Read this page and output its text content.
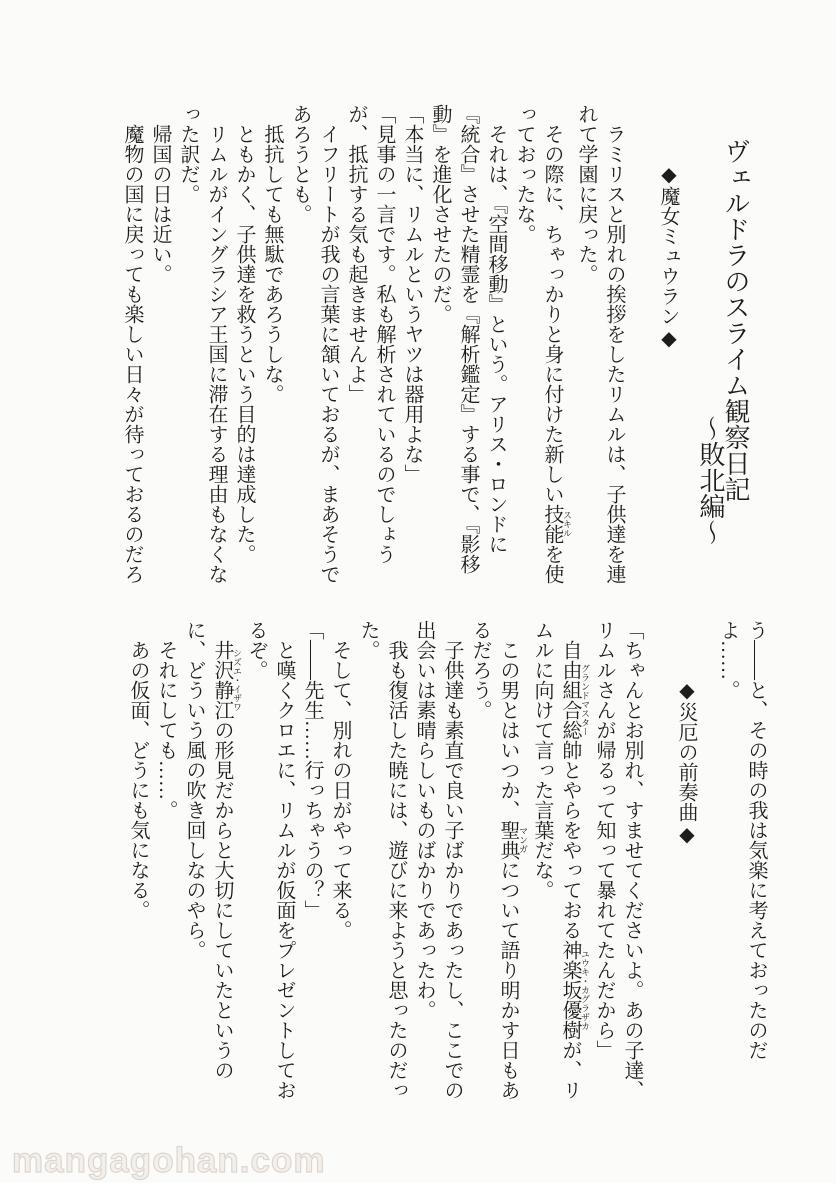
ヴェルドラのスライム観察日記
〜敗北編〜
◆魔女ミュウラン◆

ラミリスと別れの挨拶をしたリムルは、子供達を連れて学園に戻った。

その際に、ちゃっかりと身に付けた新しい技能 スキルを使っておったな。

それは、『空間移動』という。アリス・ロンドに『統合』させた精霊を『解析鑑定』する事で、『影移動』を進化させたのだ。

「本当に、リムルというヤツは器用よな」

「見事の一言です。私も解析されているのでしょうが、抵抗する気も起きませんよ」

イフリートが我の言葉に頷いておるが、まあそうであろうとも。

抵抗しても無駄であろうしな。

ともかく、子供達を救うという目的は達成した。

リムルがイングラシア王国に滞在する理由もなくなった訳だ。

帰国の日は近い。

魔物の国に戻っても楽しい日々が待っておるのだろ

う――と、その時の我は気楽に考えておったのだよ……。

◆災厄の前奏曲◆

「ちゃんとお別れ、すませてくださいよ。あの子達、リムルさんが帰るって知って暴れてたんだから」

自由組合総帥 グランドマスターとやらをやっておる神楽坂優樹 ユウキ・カグラザカが、リムルに向けて言った言葉だな。

この男とはいつか、聖典 マンガについて語り明かす日もあるだろう。

子供達も素直で良い子ばかりであったし、ここでの出会いは素晴らしいものばかりであったわ。

我も復活した暁には、遊びに来ようと思ったのだった。

そして、別れの日がやって来る。

「――先生……行っちゃうの？」

と嘆くクロエに、リムルが仮面をプレゼントしておるぞ。

井沢静江 シズエ・イザワの形見だからと大切にしていたというのに、どういう風の吹き回しなのやら。

それにしても……。

あの仮面、どうにも気になる。

mangagohan.com
